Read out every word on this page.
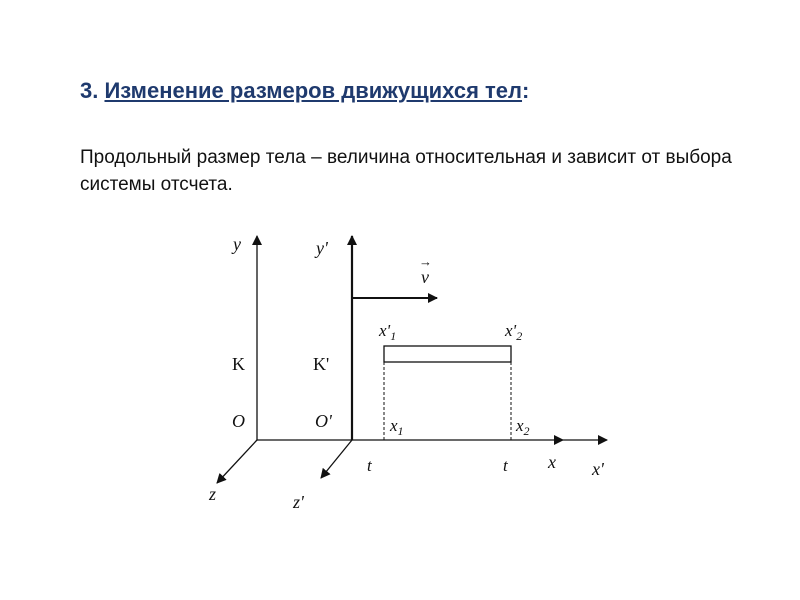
3. Изменение размеров движущихся тел:
Продольный размер тела – величина относительная и зависит от выбора системы отсчета.
y	y'
K	K'
O	O'
z	z'
x x'
t	t
→
v
$x'_1$	$x'_2$
$x_1$	$x_2$
